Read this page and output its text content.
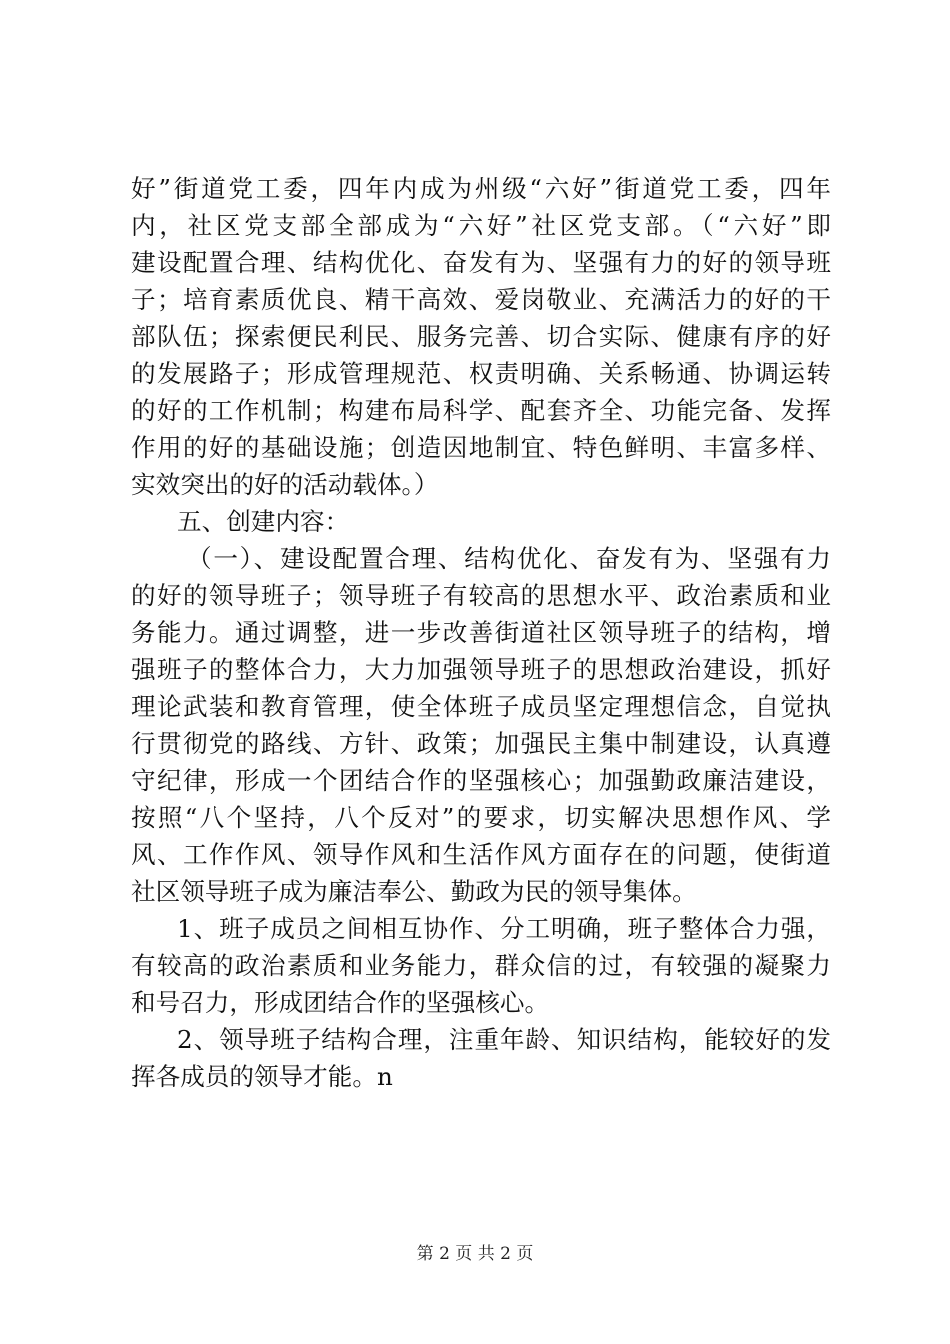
好”街道党工委，四年内成为州级“六好”街道党工委，四年
内，社区党支部全部成为“六好”社区党支部。（“六好”即
建设配置合理、结构优化、奋发有为、坚强有力的好的领导班
子；培育素质优良、精干高效、爱岗敬业、充满活力的好的干
部队伍；探索便民利民、服务完善、切合实际、健康有序的好
的发展路子；形成管理规范、权责明确、关系畅通、协调运转
的好的工作机制；构建布局科学、配套齐全、功能完备、发挥
作用的好的基础设施；创造因地制宜、特色鲜明、丰富多样、
实效突出的好的活动载体。）
五、创建内容：
（一）、建设配置合理、结构优化、奋发有为、坚强有力
的好的领导班子；领导班子有较高的思想水平、政治素质和业
务能力。通过调整，进一步改善街道社区领导班子的结构，增
强班子的整体合力，大力加强领导班子的思想政治建设，抓好
理论武装和教育管理，使全体班子成员坚定理想信念，自觉执
行贯彻党的路线、方针、政策；加强民主集中制建设，认真遵
守纪律，形成一个团结合作的坚强核心；加强勤政廉洁建设，
按照“八个坚持，八个反对”的要求，切实解决思想作风、学
风、工作作风、领导作风和生活作风方面存在的问题，使街道
社区领导班子成为廉洁奉公、勤政为民的领导集体。
1、班子成员之间相互协作、分工明确，班子整体合力强，
有较高的政治素质和业务能力，群众信的过，有较强的凝聚力
和号召力，形成团结合作的坚强核心。
2、领导班子结构合理，注重年龄、知识结构，能较好的发
挥各成员的领导才能。n
第 2 页 共 2 页
